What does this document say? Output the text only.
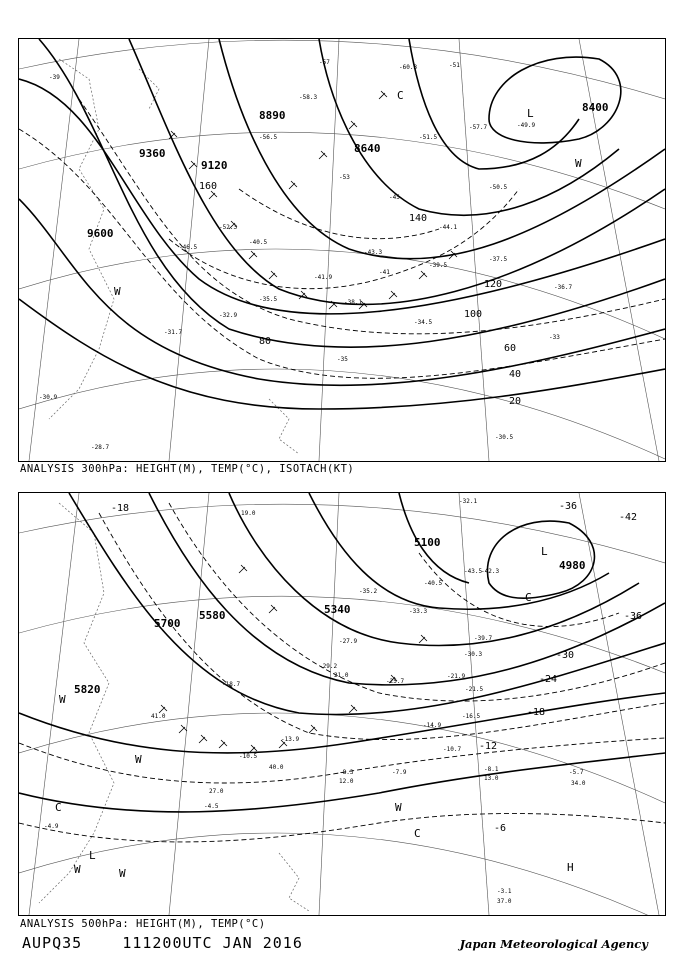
9360
9120
8890
8640
8400
9600
20
40
60
80
100
120
140
160
L
W
W
C
-39
-57	-51
-53
-43.3
-41.9
-38.1
-35.5
-34.5
-32.9
-31.7
-30.5
-28.7
-30.9
-52.3
-56.5
-60.3
-57.7	-49.9
-44.1
-46.5
-40.5
-39.5
-37.5
-33
-35
-41
-45
-36.7
-51.5
-50.5
-58.3
ANALYSIS 300hPa: HEIGHT(M), TEMP(°C), ISOTACH(KT)
5100
4980
5340
5580
5700
5820
-42
-36
-30
-24
-18
-12
-6
-18	-36
L
C
W
W
C
L
W	W
W
C
H
-32.1
-43.5
-40.5
-39.7
-30.3
-25.7
-21.9
-21.5
-16.5
-18.7
-14.9
-13.9
-10.7
-10.5
-8.3	-7.9	-8.1	-5.7
-4.5
-4.9
-3.1
-42.3
-27.9
-29.2
-35.2
-33.3
19.0
21.0
41.0
37.0
34.0
13.0
12.0
27.0
40.0
ANALYSIS 500hPa: HEIGHT(M), TEMP(°C)
AUPQ35	111200UTC JAN 2016	Japan Meteorological Agency
